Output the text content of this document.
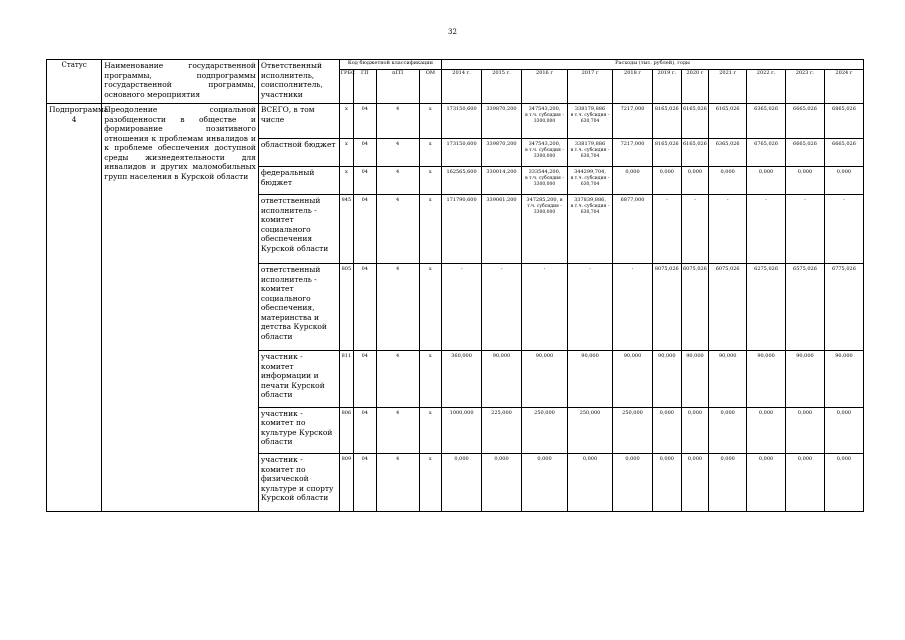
32
Статус	Наименование государственной программы, подпрограммы государственной программы, основного мероприятия	Ответственный исполнитель, соисполнитель, участники	Код бюджетной классификации				Расходы (тыс. рублей), годы										
			ГРБС	ГП	пГП	ОМ	2014 г.	2015 г.	2016 г	2017 г	2018 г	2019 г.	2020 г	2021 г	2022 г.	2023 г.	2024 г
Подпрограмма 4	Преодоление социальной разобщенности в обществе и формирование позитивного отношения к проблемам инвалидов и к проблеме обеспечения доступной среды жизнедеятельности для инвалидов и других маломобильных групп населения в Курской области	ВСЕГО, в том числе	х	04	4	х	173150,600	339870,200	347543,200,
в т.ч. субсидия - 3300,000	338179,886
в т.ч. субсидия - 630,704	7217,000	8165,026	6165,026	6165,026	6365,026	6665,026	6865,026
		областной бюджет	х	04	4	х	173150,600	339870,200	347543,200,
в т.ч. субсидия - 3300,000	338179,886
в т.ч. субсидия - 630,704	7217,000	8165,026	6165,026	6365,026	6765,026	6665,026	6665,026
		федеральный бюджет	х	04	4	х	162565,600	330014,200	333544,200,
в т.ч. субсидия - 3300,000	344299,704,
в т.ч. субсидия - 630,704	0,000	0,000	0,000	0,000	0,000	0,000	0,000
		ответственный исполнитель - комитет социального обеспечения Курской области	845	04	4	х	171790,600	339061,200	347285,200, в
т.ч. субсидия - 3300,000	337839,886,
в т.ч. субсидия - 630,704	6877,000	-	-	-	-	-	-
		ответственный исполнитель - комитет социального обеспечения, материнства и детства Курской области	805	04	4	х	-	-	-	-	-	8075,026	6075,026	6075,026	6275,026	6575,026	6775,026
		участник - комитет информации и печати Курской области	811	04	4	х	360,000	90,000	90,000	90,000	90,000	90,000	90,000	90,000	90,000	90,000	90,000
		участник - комитет по культуре Курской области	806	04	4	х	1000,000	225,000	250,000	250,000	250,000	0,000	0,000	0,000	0,000	0,000	0,000
		участник - комитет по физической культуре и спорту Курской области	809	04	4	х	0,000	0,000	0,000	0,000	0,000	0,000	0,000	0,000	0,000	0,000	0,000
